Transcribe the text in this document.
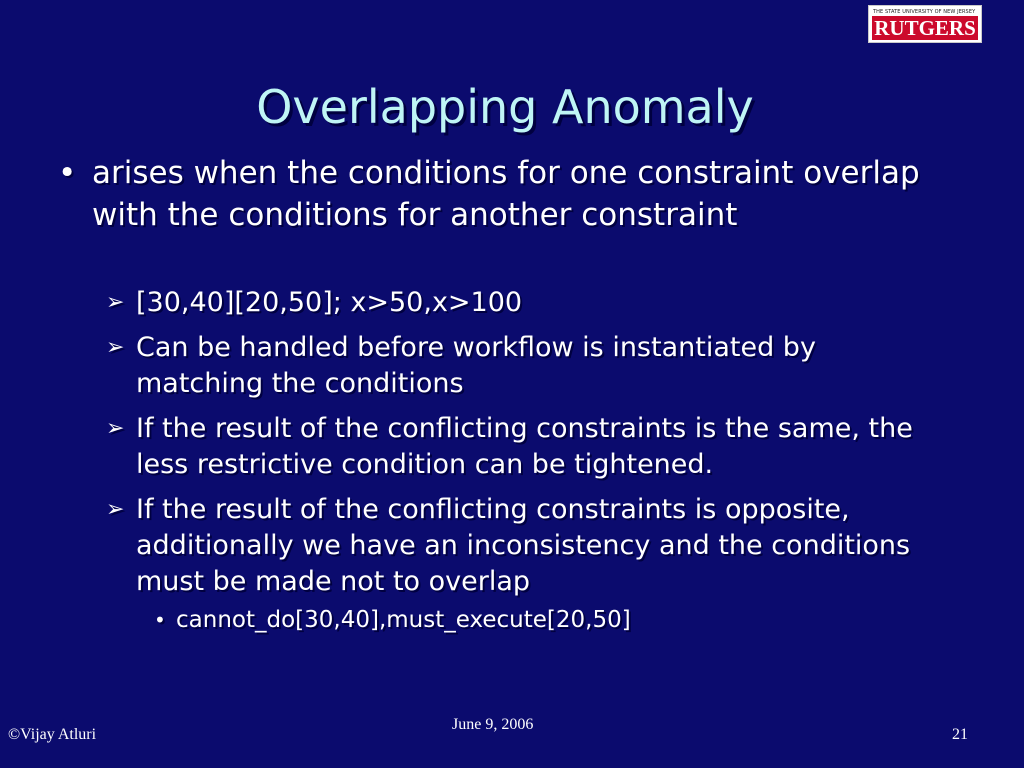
THE STATE UNIVERSITY OF NEW JERSEY
RUTGERS
Overlapping Anomaly
• arises when the conditions for one constraint overlap with the conditions for another constraint
➢ [30,40][20,50]; x>50,x>100
➢ Can be handled before workflow is instantiated by matching the conditions
➢ If the result of the conflicting constraints is the same, the less restrictive condition can be tightened.
➢ If the result of the conflicting constraints is opposite, additionally we have an inconsistency and the conditions must be made not to overlap
• cannot_do[30,40],must_execute[20,50]
©Vijay Atluri
June 9, 2006
21
